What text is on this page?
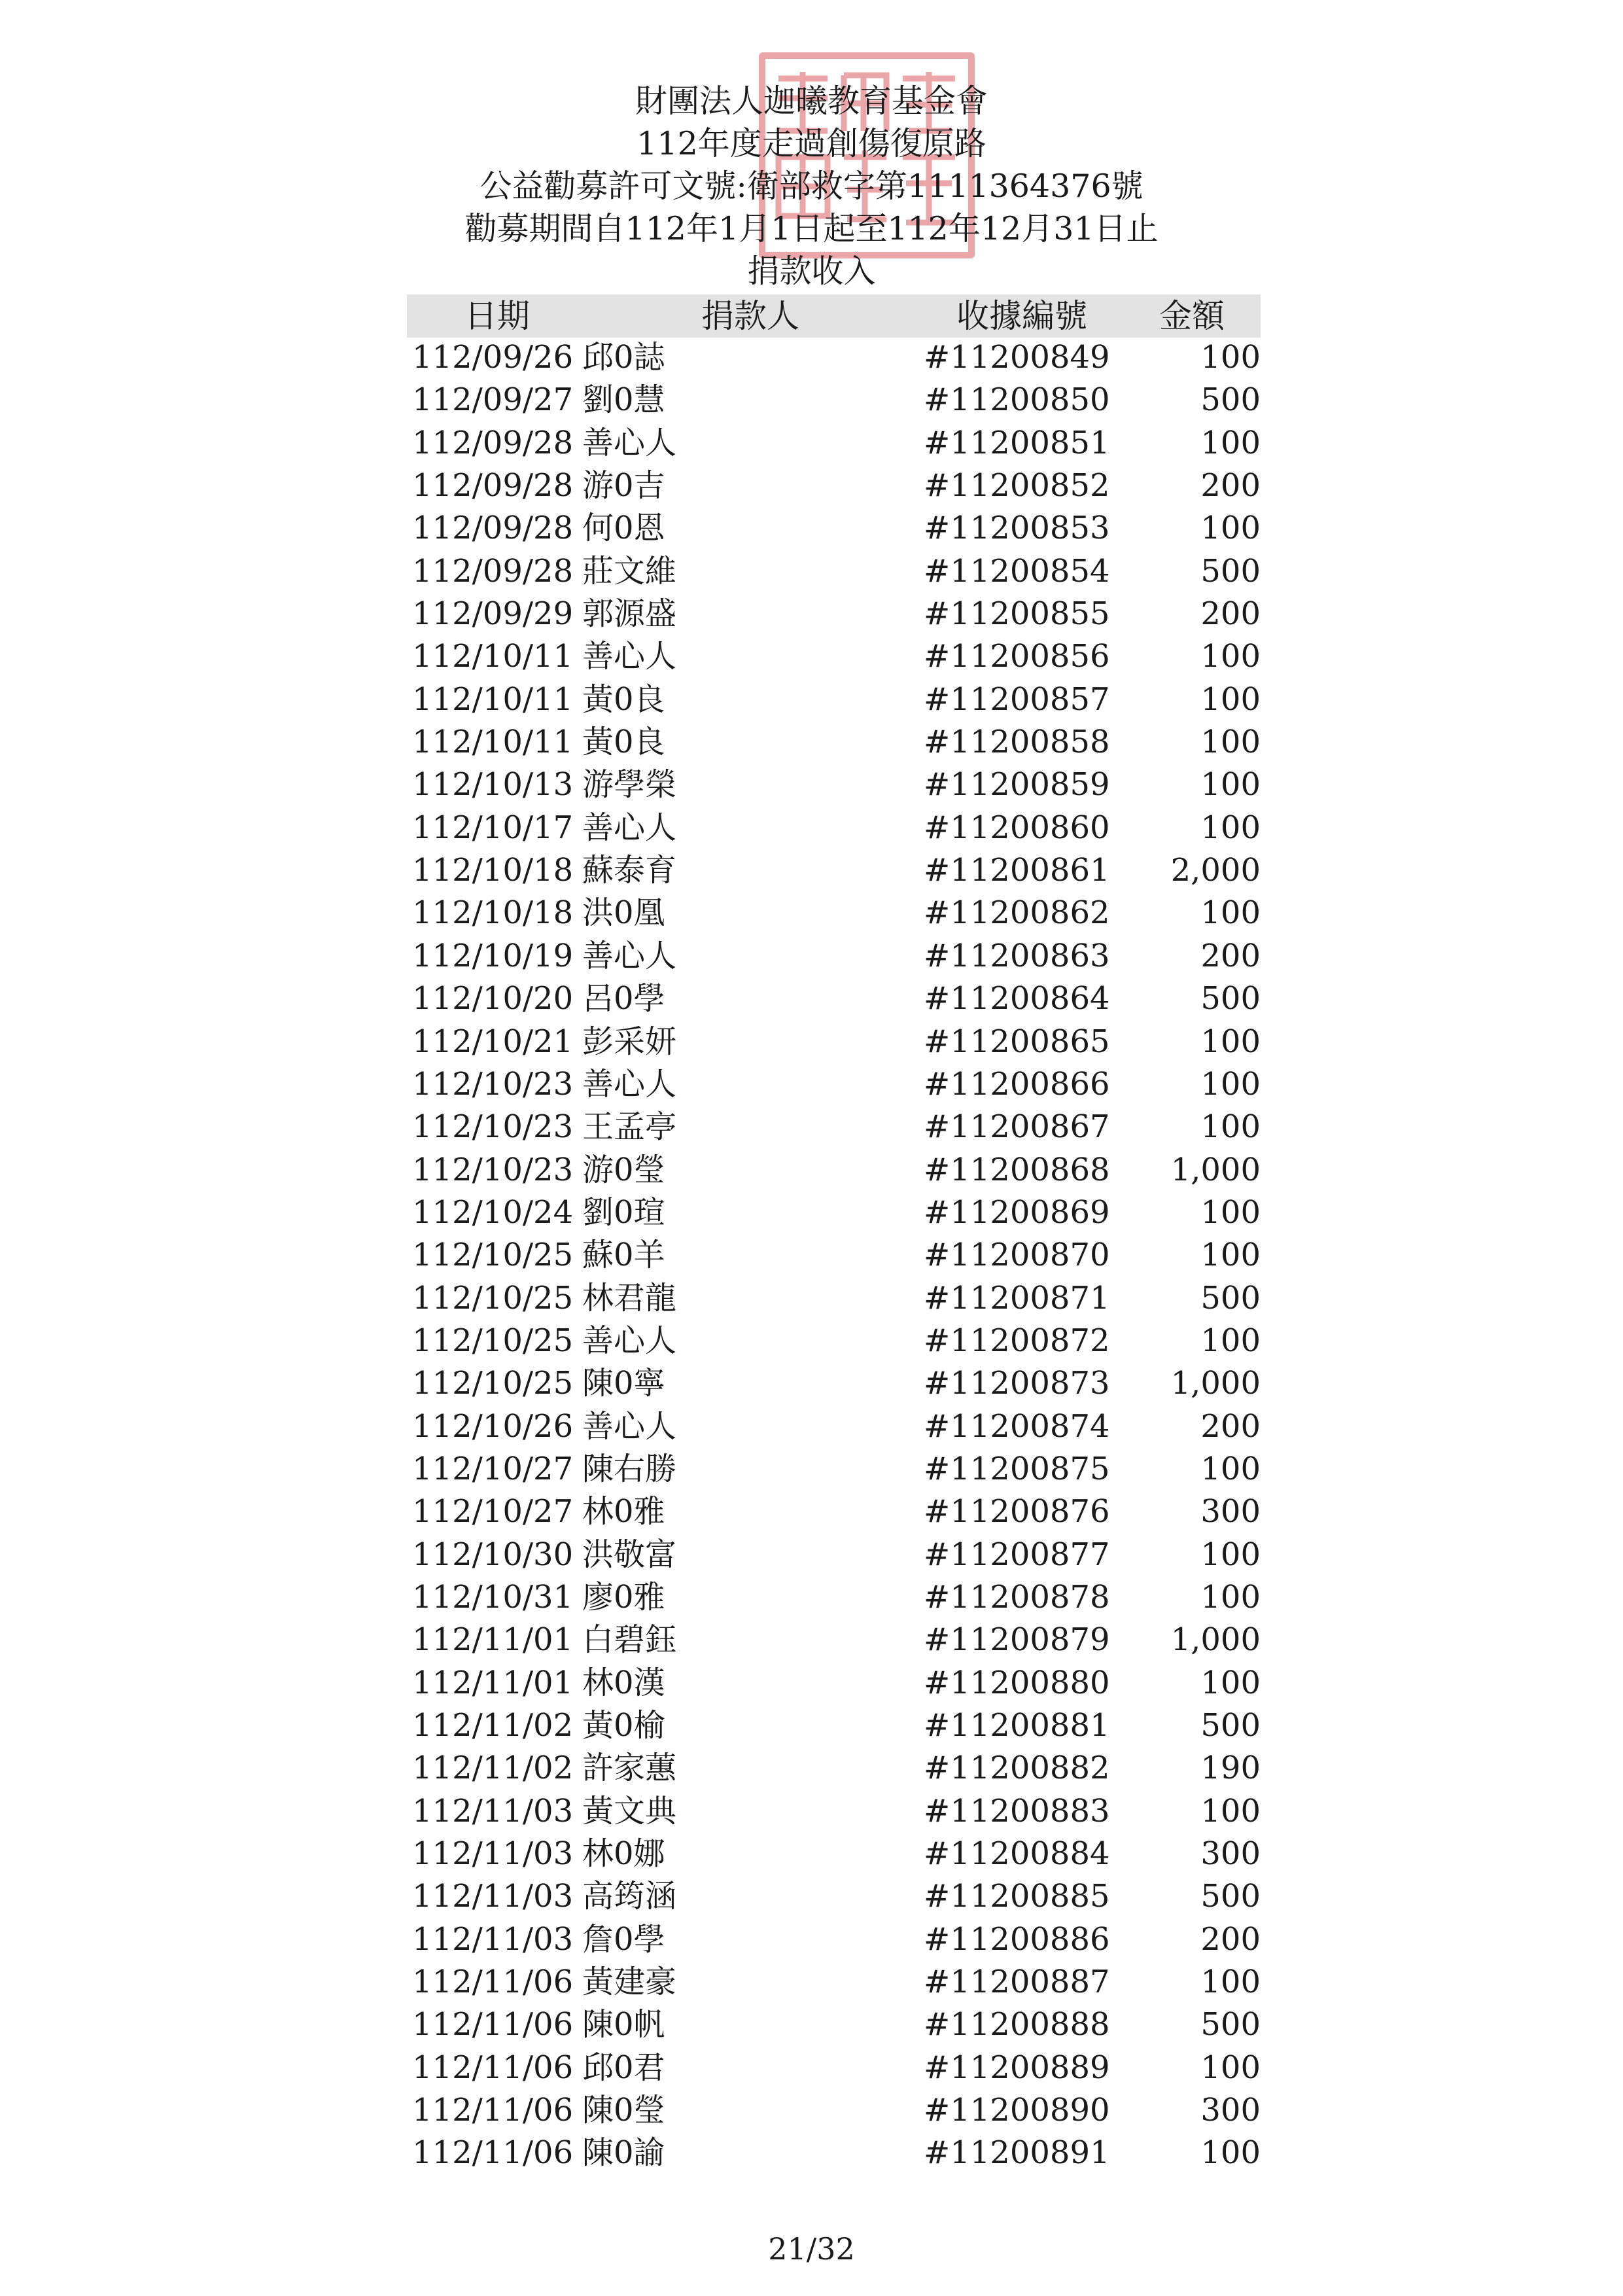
財團法人迦曦教育基金會
112年度走過創傷復原路
公益勸募許可文號:衛部救字第1111364376號
勸募期間自112年1月1日起至112年12月31日止
捐款收入
日期	捐款人	收據編號 金額
112/09/26 邱0誌	#11200849	100
112/09/27 劉0慧	#11200850	500
112/09/28 善心人	#11200851	100
112/09/28 游0吉	#11200852	200
112/09/28 何0恩	#11200853	100
112/09/28 莊文維	#11200854	500
112/09/29 郭源盛	#11200855	200
112/10/11 善心人	#11200856	100
112/10/11 黃0良	#11200857	100
112/10/11 黃0良	#11200858	100
112/10/13 游學榮	#11200859	100
112/10/17 善心人	#11200860	100
112/10/18 蘇泰育	#11200861 2,000
112/10/18 洪0凰	#11200862	100
112/10/19 善心人	#11200863	200
112/10/20 呂0學	#11200864	500
112/10/21 彭采妍	#11200865	100
112/10/23 善心人	#11200866	100
112/10/23 王孟亭	#11200867	100
112/10/23 游0瑩	#11200868 1,000
112/10/24 劉0瑄	#11200869	100
112/10/25 蘇0羊	#11200870	100
112/10/25 林君龍	#11200871	500
112/10/25 善心人	#11200872	100
112/10/25 陳0寧	#11200873 1,000
112/10/26 善心人	#11200874	200
112/10/27 陳右勝	#11200875	100
112/10/27 林0雅	#11200876	300
112/10/30 洪敬富	#11200877	100
112/10/31 廖0雅	#11200878	100
112/11/01 白碧鈺	#11200879 1,000
112/11/01 林0漢	#11200880	100
112/11/02 黃0榆	#11200881	500
112/11/02 許家蕙	#11200882	190
112/11/03 黃文典	#11200883	100
112/11/03 林0娜	#11200884	300
112/11/03 高筠涵	#11200885	500
112/11/03 詹0學	#11200886	200
112/11/06 黃建豪	#11200887	100
112/11/06 陳0帆	#11200888	500
112/11/06 邱0君	#11200889	100
112/11/06 陳0瑩	#11200890	300
112/11/06 陳0諭	#11200891	100
21/32
